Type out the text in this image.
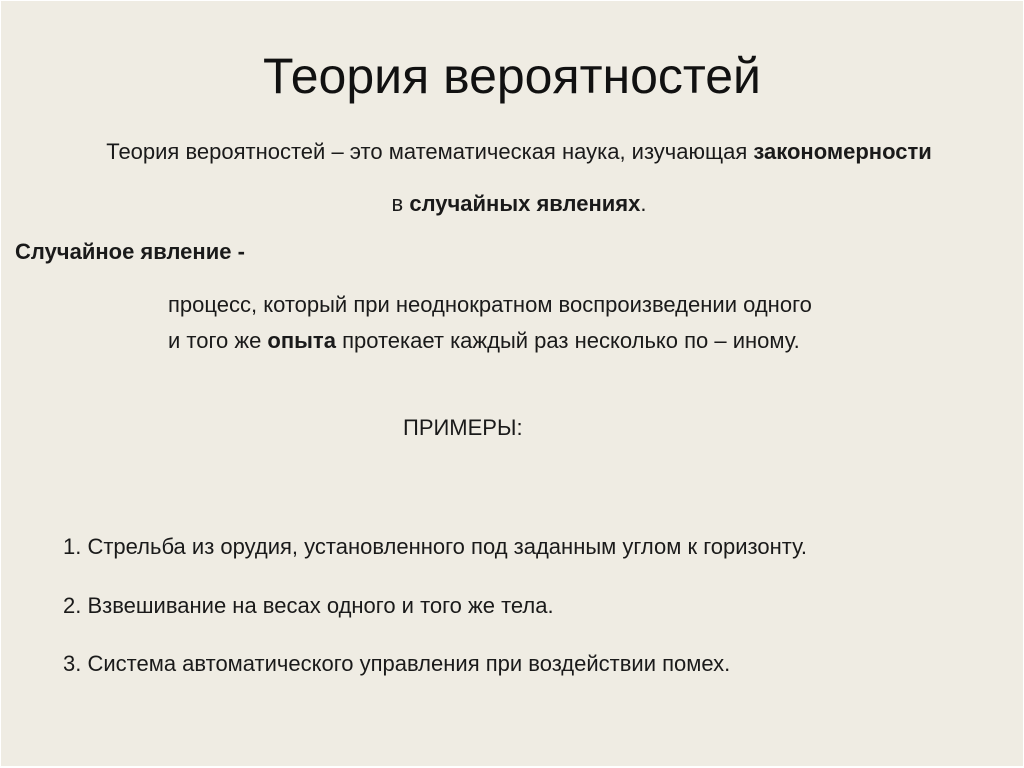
Теория вероятностей
Теория вероятностей – это математическая наука, изучающая закономерности
в случайных явлениях.
Случайное явление -
процесс, который при неоднократном воспроизведении одного
и того же опыта протекает каждый раз несколько по – иному.
ПРИМЕРЫ:
1. Стрельба из орудия, установленного под заданным углом к горизонту.
2. Взвешивание на весах одного и того же тела.
3. Система автоматического управления при воздействии помех.
